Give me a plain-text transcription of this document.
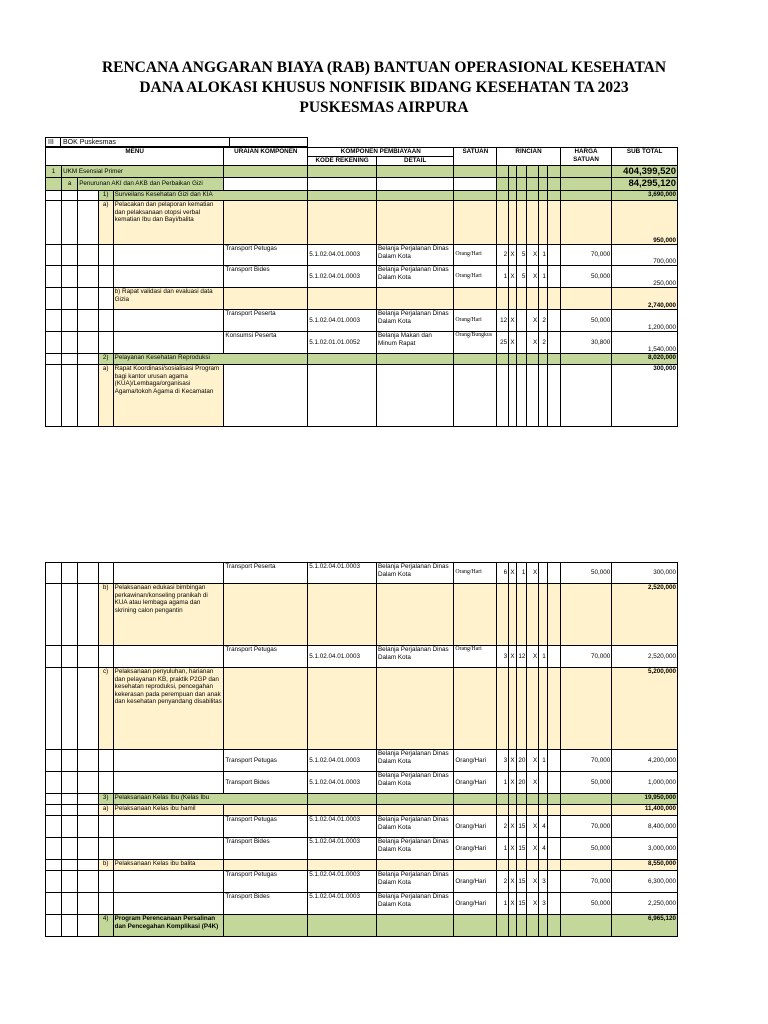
RENCANA ANGGARAN BIAYA (RAB) BANTUAN OPERASIONAL KESEHATAN
DANA ALOKASI KHUSUS NONFISIK BIDANG KESEHATAN TA 2023
PUSKESMAS AIRPURA
III	BOK Puskesmas
MENU					URAIAN KOMPONEN	KOMPONEN PEMBIAYAAN		SATUAN	RINCIAN						HARGA
SATUAN	SUB TOTAL
						KODE REKENING	DETAIL									
1	UKM Esensial Primer															404,399,520
	a	Penurunan AKI dan AKB dan Perbaikan Gizi														84,295,120
			1)	Surveilans Kesehatan Gizi dan KIA												3,690,000
			a)	Pelacakan dan pelaporan kematian dan pelaksanaan otopsi verbal kematian Ibu dan Bayi/balita												950,000
					Transport Petugas	5.1.02.04.01.0003	Belanja Perjalanan Dinas Dalam Kota	Orang/Hari	2	X	5	X	1		70,000	700,000
					Transport Bides	5.1.02.04.01.0003	Belanja Perjalanan Dinas Dalam Kota	Orang/Hari	1	X	5	X	1		50,000	250,000
				b) Rapat validasi dan evaluasi data Gizia												2,740,000
					Transport Peserta	5.1.02.04.01.0003	Belanja Perjalanan Dinas Dalam Kota	Orang/Hari	12	X		X	2		50,000	1,200,000
					Konsumsi Peserta	5.1.02.01.01.0052	Belanja Makan dan Minum Rapat	Orang/Bungkus	25	X		X	2		30,800	1,540,000
			2)	Pelayanan Kesehatan Reproduksi												8,020,000
			a)	Rapat Koordinasi/sosialisasi Program bagi kantor urusan agama (KUA)/Lembaga/organisasi Agama/tokoh Agama di Kecamatan												300,000
					Transport Peserta	5.1.02.04.01.0003	Belanja Perjalanan Dinas Dalam Kota	Orang/Hari	6	X	1	X			50,000	300,000
			b)	Pelaksanaan edukasi bimbingan perkawinan/konseling pranikah di KUA atau lembaga agama dan skrining calon pengantin												2,520,000
					Transport Petugas	5.1.02.04.01.0003	Belanja Perjalanan Dinas Dalam Kota	Orang/Hari	3	X	12	X	1		70,000	2,520,000
			c)	Pelaksanaan penyuluhan, harianan dan pelayanan KB, praktik P2GP dan kesehatan reproduksi, pencegahan kekerasan pada perempuan dan anak dan kesehatan penyandang disabilitas												5,200,000
					Transport Petugas	5.1.02.04.01.0003	Belanja Perjalanan Dinas Dalam Kota	Orang/Hari	3	X	20	X	1		70,000	4,200,000
					Transport Bides	5.1.02.04.01.0003	Belanja Perjalanan Dinas Dalam Kota	Orang/Hari	1	X	20	X			50,000	1,000,000
			3)	Pelaksanaan Kelas Ibu (Kelas Ibu												19,950,000
			a)	Pelaksanaan Kelas ibu hamil												11,400,000
					Transport Petugas	5.1.02.04.01.0003	Belanja Perjalanan Dinas Dalam Kota	Orang/Hari	2	X	15	X	4		70,000	8,400,000
					Transport Bides	5.1.02.04.01.0003	Belanja Perjalanan Dinas Dalam Kota	Orang/Hari	1	X	15	X	4		50,000	3,000,000
			b)	Pelaksanaan Kelas ibu balita												8,550,000
					Transport Petugas	5.1.02.04.01.0003	Belanja Perjalanan Dinas Dalam Kota	Orang/Hari	2	X	15	X	3		70,000	6,300,000
					Transport Bides	5.1.02.04.01.0003	Belanja Perjalanan Dinas Dalam Kota	Orang/Hari	1	X	15	X	3		50,000	2,250,000
			4)	Program Perencanaan Persalinan dan Pencegahan Komplikasi (P4K)												6,965,120
